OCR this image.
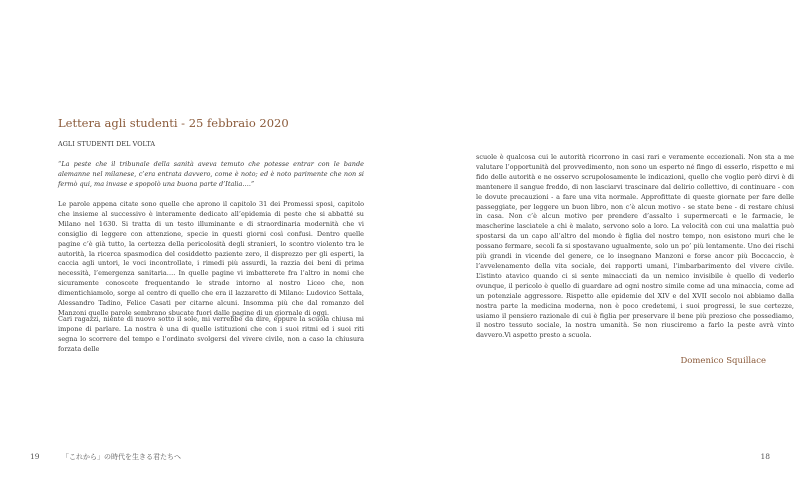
Lettera agli studenti - 25 febbraio 2020
AGLI STUDENTI DEL VOLTA

“La peste che il tribunale della sanità aveva temuto che potesse entrar con le bande alemanne nel milanese, c’era entrata davvero, come è noto; ed è noto parimente che non si fermò qui, ma invase e spopolò una buona parte d’Italia….”

Le parole appena citate sono quelle che aprono il capitolo 31 dei Promessi sposi, capitolo che insieme al successivo è interamente dedicato all’epidemia di peste che si abbatté su Milano nel 1630. Si tratta di un testo illuminante e di straordinaria modernità che vi consiglio di leggere con attenzione, specie in questi giorni così confusi. Dentro quelle pagine c’è già tutto, la certezza della pericolosità degli stranieri, lo scontro violento tra le autorità, la ricerca spasmodica del cosiddetto paziente zero, il disprezzo per gli esperti, la caccia agli untori, le voci incontrollate, i rimedi più assurdi, la razzia dei beni di prima necessità, l’emergenza sanitaria…. In quelle pagine vi imbatterete fra l’altro in nomi che sicuramente conoscete frequentando le strade intorno al nostro Liceo che, non dimentichiamolo, sorge al centro di quello che era il lazzaretto di Milano: Ludovico Settala, Alessandro Tadino, Felice Casati per citarne alcuni. Insomma più che dal romanzo del Manzoni quelle parole sembrano sbucate fuori dalle pagine di un giornale di oggi.

Cari ragazzi, niente di nuovo sotto il sole, mi verrebbe da dire, eppure la scuola chiusa mi impone di parlare. La nostra è una di quelle istituzioni che con i suoi ritmi ed i suoi riti segna lo scorrere del tempo e l’ordinato svolgersi del vivere civile, non a caso la chiusura forzata delle

19	「これから」の時代を生きる君たちへ

scuole è qualcosa cui le autorità ricorrono in casi rari e veramente eccezionali. Non sta a me valutare l’opportunità del provvedimento, non sono un esperto né fingo di esserlo, rispetto e mi fido delle autorità e ne osservo scrupolosamente le indicazioni, quello che voglio però dirvi è di mantenere il sangue freddo, di non lasciarvi trascinare dal delirio collettivo, di continuare - con le dovute precauzioni - a fare una vita normale. Approfittate di queste giornate per fare delle passeggiate, per leggere un buon libro, non c’è alcun motivo - se state bene - di restare chiusi in casa. Non c’è alcun motivo per prendere d’assalto i supermercati e le farmacie, le mascherine lasciatele a chi è malato, servono solo a loro. La velocità con cui una malattia può spostarsi da un capo all’altro del mondo è figlia del nostro tempo, non esistono muri che le possano fermare, secoli fa si spostavano ugualmente, solo un po’ più lentamente. Uno dei rischi più grandi in vicende del genere, ce lo insegnano Manzoni e forse ancor più Boccaccio, è l’avvelenamento della vita sociale, dei rapporti umani, l’imbarbarimento del vivere civile. L’istinto atavico quando ci si sente minacciati da un nemico invisibile è quello di vederlo ovunque, il pericolo è quello di guardare ad ogni nostro simile come ad una minaccia, come ad un potenziale aggressore. Rispetto alle epidemie del XIV e del XVII secolo noi abbiamo dalla nostra parte la medicina moderna, non è poco credetemi, i suoi progressi, le sue certezze, usiamo il pensiero razionale di cui è figlia per preservare il bene più prezioso che possediamo, il nostro tessuto sociale, la nostra umanità. Se non riusciremo a farlo la peste avrà vinto davvero.Vi aspetto presto a scuola.

Domenico Squillace
18
